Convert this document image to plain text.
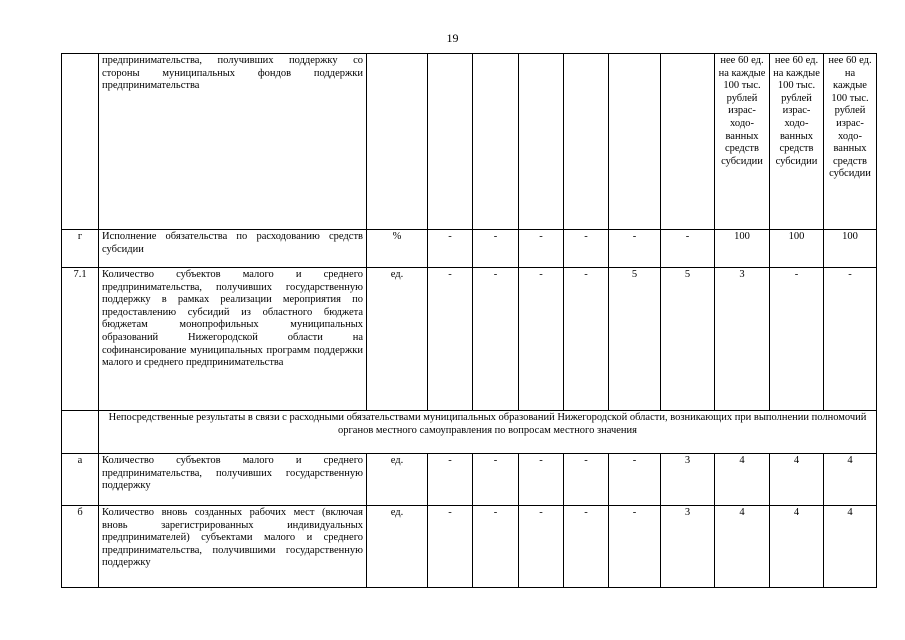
19
	предпринимательства, получивших поддержку со стороны муниципальных фондов поддержки предпринимательства								нее 60 ед. на каждые 100 тыс. рублей израсходованных средств субсидии	нее 60 ед. на каждые 100 тыс. рублей израсходованных средств субсидии	нее 60 ед. на каждые 100 тыс. рублей израсходованных средств субсидии
г	Исполнение обязательства по расходованию средств субсидии	%	-	-	-	-	-	-	100	100	100
7.1	Количество субъектов малого и среднего предпринимательства, получивших государственную поддержку в рамках реализации мероприятия по предоставлению субсидий из областного бюджета бюджетам монопрофильных муниципальных образований Нижегородской области на софинансирование муниципальных программ поддержки малого и среднего предпринимательства	ед.	-	-	-	-	5	5	3	-	-
	Непосредственные результаты в связи с расходными обязательствами муниципальных образований Нижегородской области, возникающих при выполнении полномочий органов местного самоуправления по вопросам местного значения										
а	Количество субъектов малого и среднего предпринимательства, получивших государственную поддержку	ед.	-	-	-	-	-	3	4	4	4
б	Количество вновь созданных рабочих мест (включая вновь зарегистрированных индивидуальных предпринимателей) субъектами малого и среднего предпринимательства, получившими государственную поддержку	ед.	-	-	-	-	-	3	4	4	4
